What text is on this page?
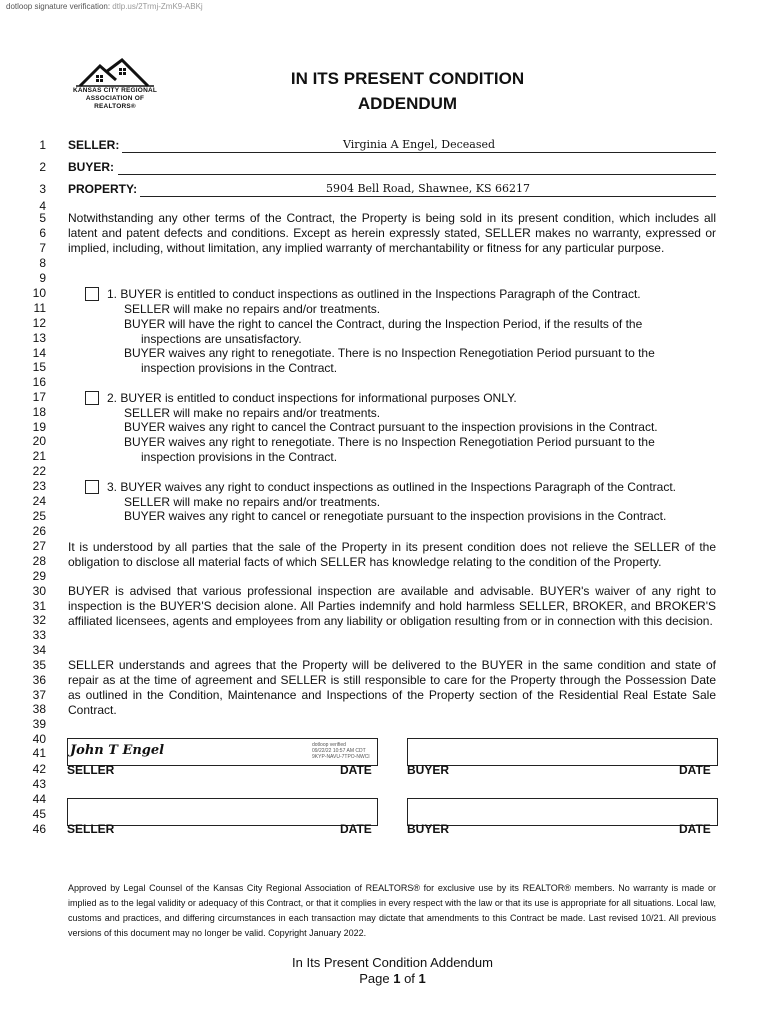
dotloop signature verification: dtlp.us/2Trmj-ZmK9-ABKj
KANSAS CITY REGIONAL
ASSOCIATION OF REALTORS®
IN ITS PRESENT CONDITION
ADDENDUM
1
2
3
4
5
6
7
8
9
10
11
12
13
14
15
16
17
18
19
20
21
22
23
24
25
26
27
28
29
30
31
32
33
34
35
36
37
38
39
40
41
42
43
44
45
46
SELLER:	Virginia A Engel, Deceased
BUYER:
PROPERTY:	5904 Bell Road, Shawnee, KS 66217
Notwithstanding any other terms of the Contract, the Property is being sold in its present condition, which includes all latent and patent defects and conditions. Except as herein expressly stated, SELLER makes no warranty, expressed or implied, including, without limitation, any implied warranty of merchantability or fitness for any particular purpose.
1. BUYER is entitled to conduct inspections as outlined in the Inspections Paragraph of the Contract.
SELLER will make no repairs and/or treatments.
BUYER will have the right to cancel the Contract, during the Inspection Period, if the results of the
inspections are unsatisfactory.
BUYER waives any right to renegotiate. There is no Inspection Renegotiation Period pursuant to the
inspection provisions in the Contract.
2. BUYER is entitled to conduct inspections for informational purposes ONLY.
SELLER will make no repairs and/or treatments.
BUYER waives any right to cancel the Contract pursuant to the inspection provisions in the Contract.
BUYER waives any right to renegotiate. There is no Inspection Renegotiation Period pursuant to the
inspection provisions in the Contract.
3. BUYER waives any right to conduct inspections as outlined in the Inspections Paragraph of the Contract.
SELLER will make no repairs and/or treatments.
BUYER waives any right to cancel or renegotiate pursuant to the inspection provisions in the Contract.
It is understood by all parties that the sale of the Property in its present condition does not relieve the SELLER of the obligation to disclose all material facts of which SELLER has knowledge relating to the condition of the Property.
BUYER is advised that various professional inspection are available and advisable. BUYER's waiver of any right to inspection is the BUYER'S decision alone. All Parties indemnify and hold harmless SELLER, BROKER, and BROKER'S affiliated licensees, agents and employees from any liability or obligation resulting from or in connection with this decision.
SELLER understands and agrees that the Property will be delivered to the BUYER in the same condition and state of repair as at the time of agreement and SELLER is still responsible to care for the Property through the Possession Date as outlined in the Condition, Maintenance and Inspections of the Property section of the Residential Real Estate Sale Contract.
John T Engel	dotloop verified
09/22/22 10:57 AM CDT
9KYP-NAVU-7TPO-NWCI
SELLER	DATE	BUYER	DATE
SELLER	DATE	BUYER	DATE
Approved by Legal Counsel of the Kansas City Regional Association of REALTORS® for exclusive use by its REALTOR® members. No warranty is made or implied as to the legal validity or adequacy of this Contract, or that it complies in every respect with the law or that its use is appropriate for all situations. Local law, customs and practices, and differing circumstances in each transaction may dictate that amendments to this Contract be made. Last revised 10/21. All previous versions of this document may no longer be valid. Copyright January 2022.
In Its Present Condition Addendum
Page 1 of 1
